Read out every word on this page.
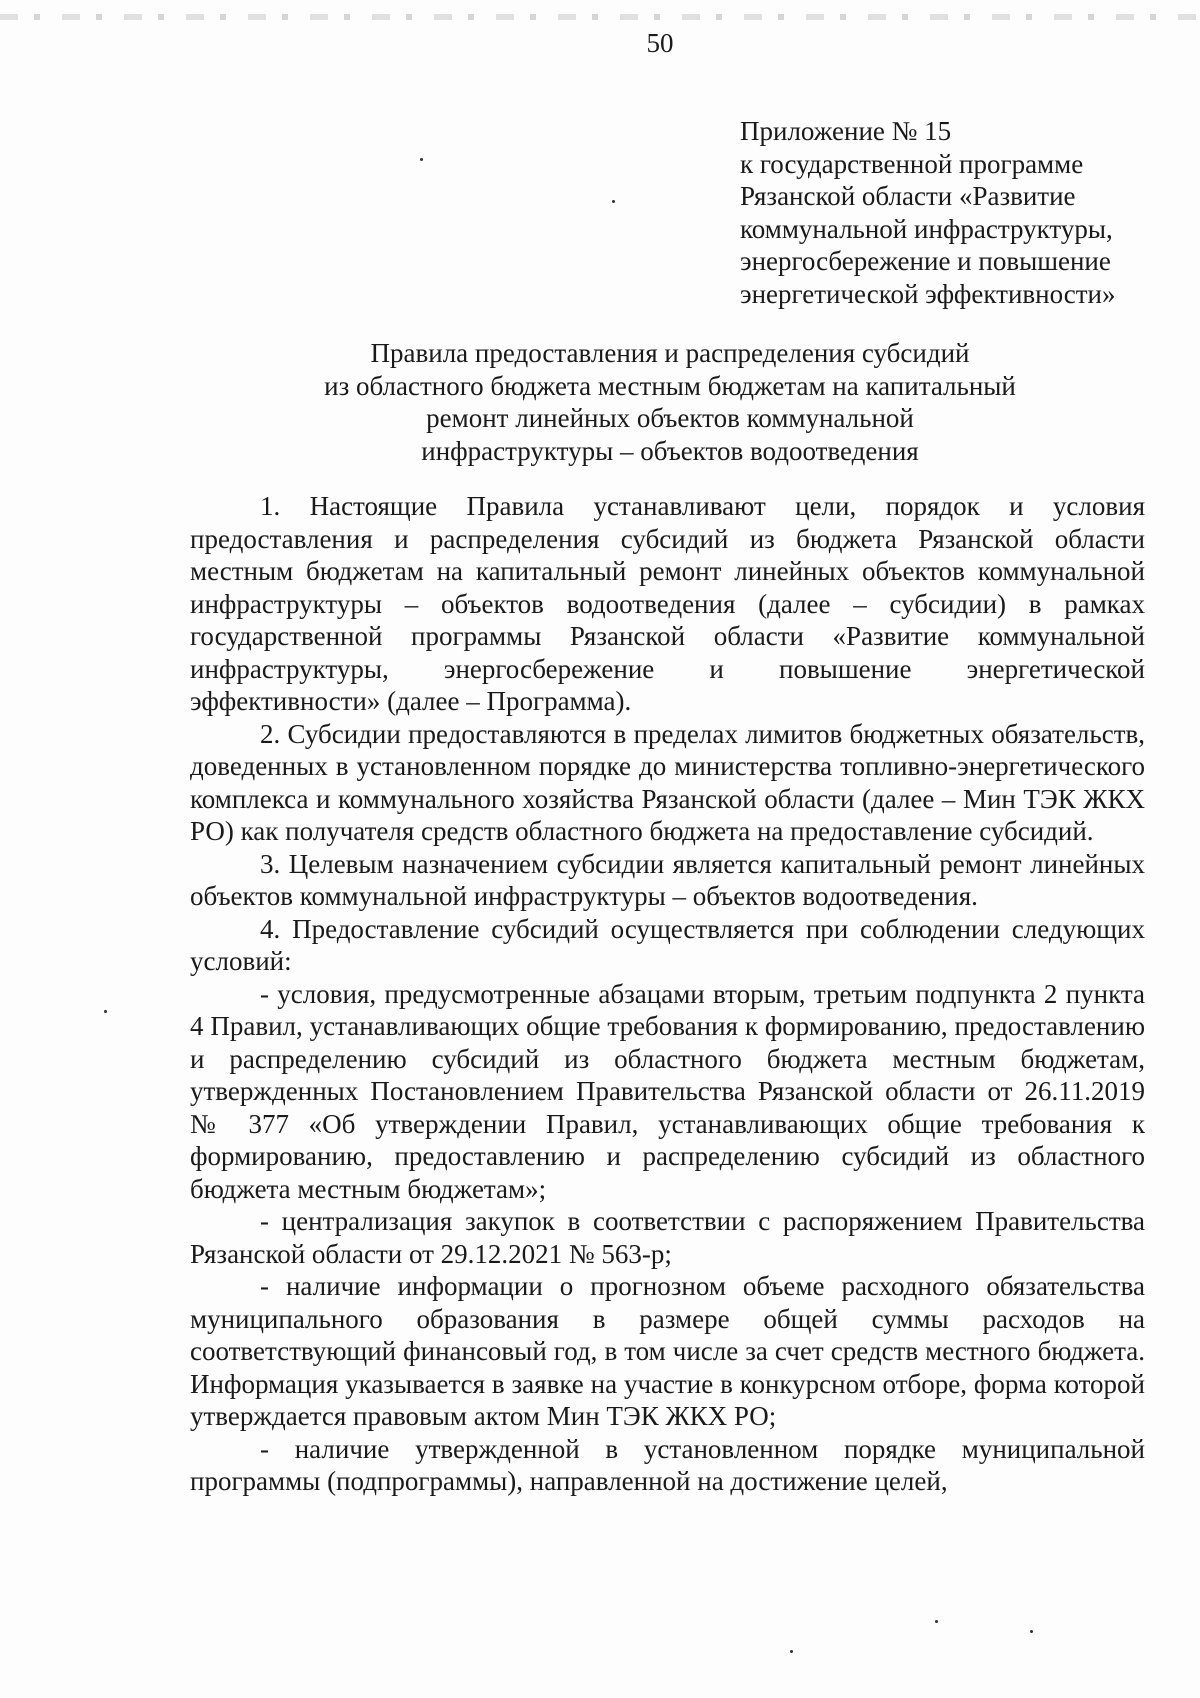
50
Приложение № 15
к государственной программе
Рязанской области «Развитие
коммунальной инфраструктуры,
энергосбережение и повышение
энергетической эффективности»
Правила предоставления и распределения субсидий
из областного бюджета местным бюджетам на капитальный
ремонт линейных объектов коммунальной
инфраструктуры – объектов водоотведения

1. Настоящие Правила устанавливают цели, порядок и условия предоставления и распределения субсидий из бюджета Рязанской области местным бюджетам на капитальный ремонт линейных объектов коммунальной инфраструктуры – объектов водоотведения (далее – субсидии) в рамках государственной программы Рязанской области «Развитие коммунальной инфраструктуры, энергосбережение и повышение энергетической эффективности» (далее – Программа).

2. Субсидии предоставляются в пределах лимитов бюджетных обязательств, доведенных в установленном порядке до министерства топливно-энергетического комплекса и коммунального хозяйства Рязанской области (далее – Мин ТЭК ЖКХ РО) как получателя средств областного бюджета на предоставление субсидий.

3. Целевым назначением субсидии является капитальный ремонт линейных объектов коммунальной инфраструктуры – объектов водоотведения.

4. Предоставление субсидий осуществляется при соблюдении следующих условий:

- условия, предусмотренные абзацами вторым, третьим подпункта 2 пункта 4 Правил, устанавливающих общие требования к формированию, предоставлению и распределению субсидий из областного бюджета местным бюджетам, утвержденных Постановлением Правительства Рязанской области от 26.11.2019 № 377 «Об утверждении Правил, устанавливающих общие требования к формированию, предоставлению и распределению субсидий из областного бюджета местным бюджетам»;

- централизация закупок в соответствии с распоряжением Правительства Рязанской области от 29.12.2021 № 563-р;

- наличие информации о прогнозном объеме расходного обязательства муниципального образования в размере общей суммы расходов на соответствующий финансовый год, в том числе за счет средств местного бюджета. Информация указывается в заявке на участие в конкурсном отборе, форма которой утверждается правовым актом Мин ТЭК ЖКХ РО;

- наличие утвержденной в установленном порядке муниципальной программы (подпрограммы), направленной на достижение целей,
